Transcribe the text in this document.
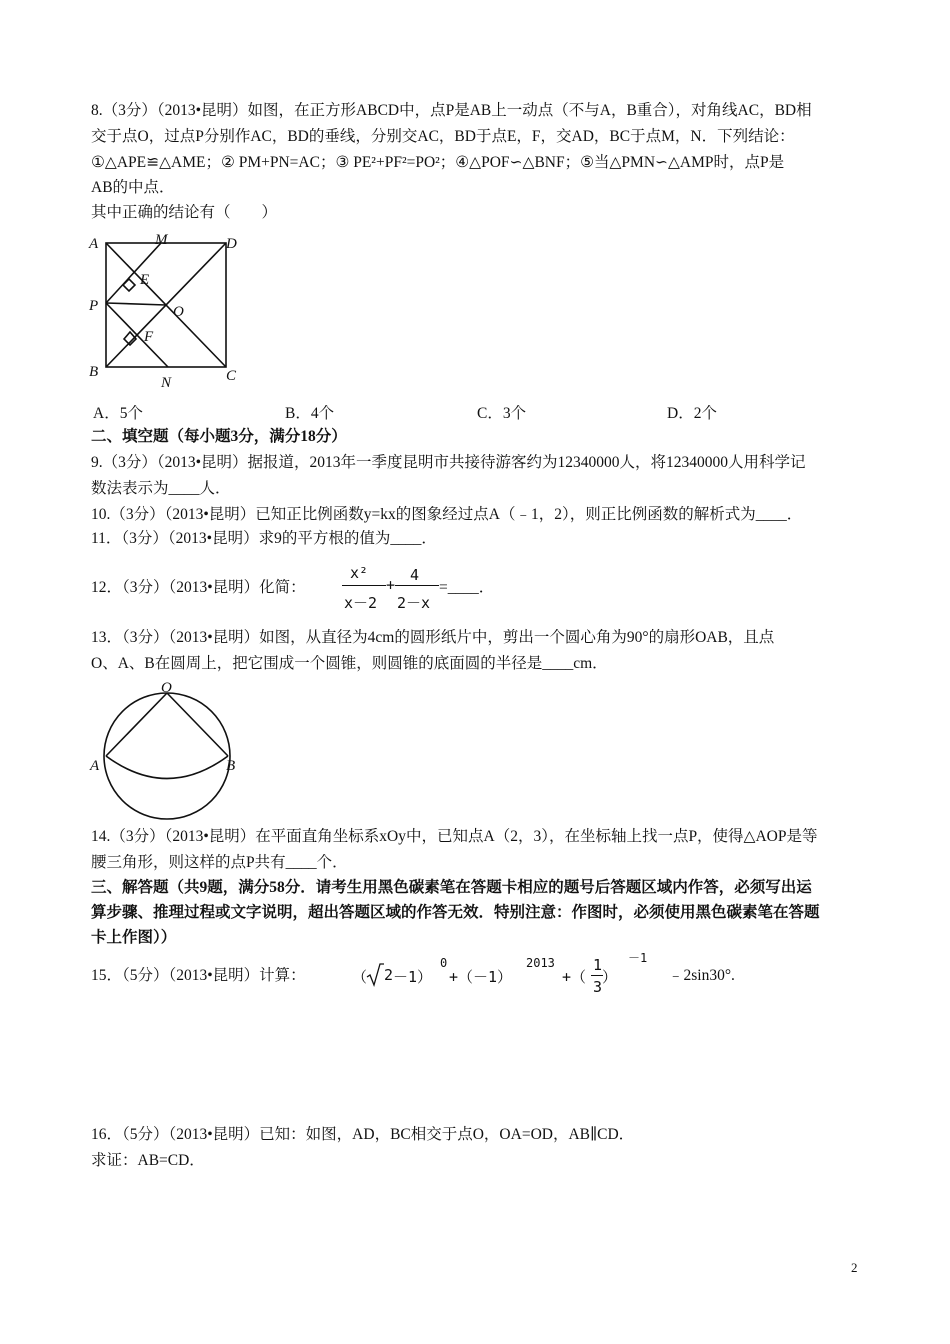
8.（3分）（2013•昆明）如图，在正方形ABCD中，点P是AB上一动点（不与A，B重合），对角线AC，BD相
交于点O，过点P分别作AC，BD的垂线，分别交AC，BD于点E，F，交AD，BC于点M，N．下列结论：
①△APE≌△AME；② PM+PN=AC；③ PE²+PF²=PO²；④△POF∽△BNF；⑤当△PMN∽△AMP时，点P是
AB的中点．
其中正确的结论有（　　）
A	M	D
E
P	O
F
B
N	C
A．5个	B．4个	C．3个	D．2个
二、填空题（每小题3分，满分18分）
9.（3分）（2013•昆明）据报道，2013年一季度昆明市共接待游客约为12340000人，将12340000人用科学记
数法表示为____人．
10.（3分）（2013•昆明）已知正比例函数y=kx的图象经过点A（﹣1，2），则正比例函数的解析式为____．
11．（3分）（2013•昆明）求9的平方根的值为____．
12．（3分）（2013•昆明）化简：
x²
x－2
+
4
2－x
=____．
13．（3分）（2013•昆明）如图，从直径为4cm的圆形纸片中，剪出一个圆心角为90°的扇形OAB，且点
O、A、B在圆周上，把它围成一个圆锥，则圆锥的底面圆的半径是____cm．
O
A	B
14.（3分）（2013•昆明）在平面直角坐标系xOy中，已知点A（2，3），在坐标轴上找一点P，使得△AOP是等
腰三角形，则这样的点P共有____个．
三、解答题（共9题，满分58分．请考生用黑色碳素笔在答题卡相应的题号后答题区域内作答，必须写出运
算步骤、推理过程或文字说明，超出答题区域的作答无效．特别注意：作图时，必须使用黑色碳素笔在答题
卡上作图））
15．（5分）（2013•昆明）计算：	（ 2 －1）
0
+（－1）
2013
+（
1
3
）
－1
﹣2sin30°.
16．（5分）（2013•昆明）已知：如图，AD，BC相交于点O，OA=OD，AB∥CD．
求证：AB=CD．
2
